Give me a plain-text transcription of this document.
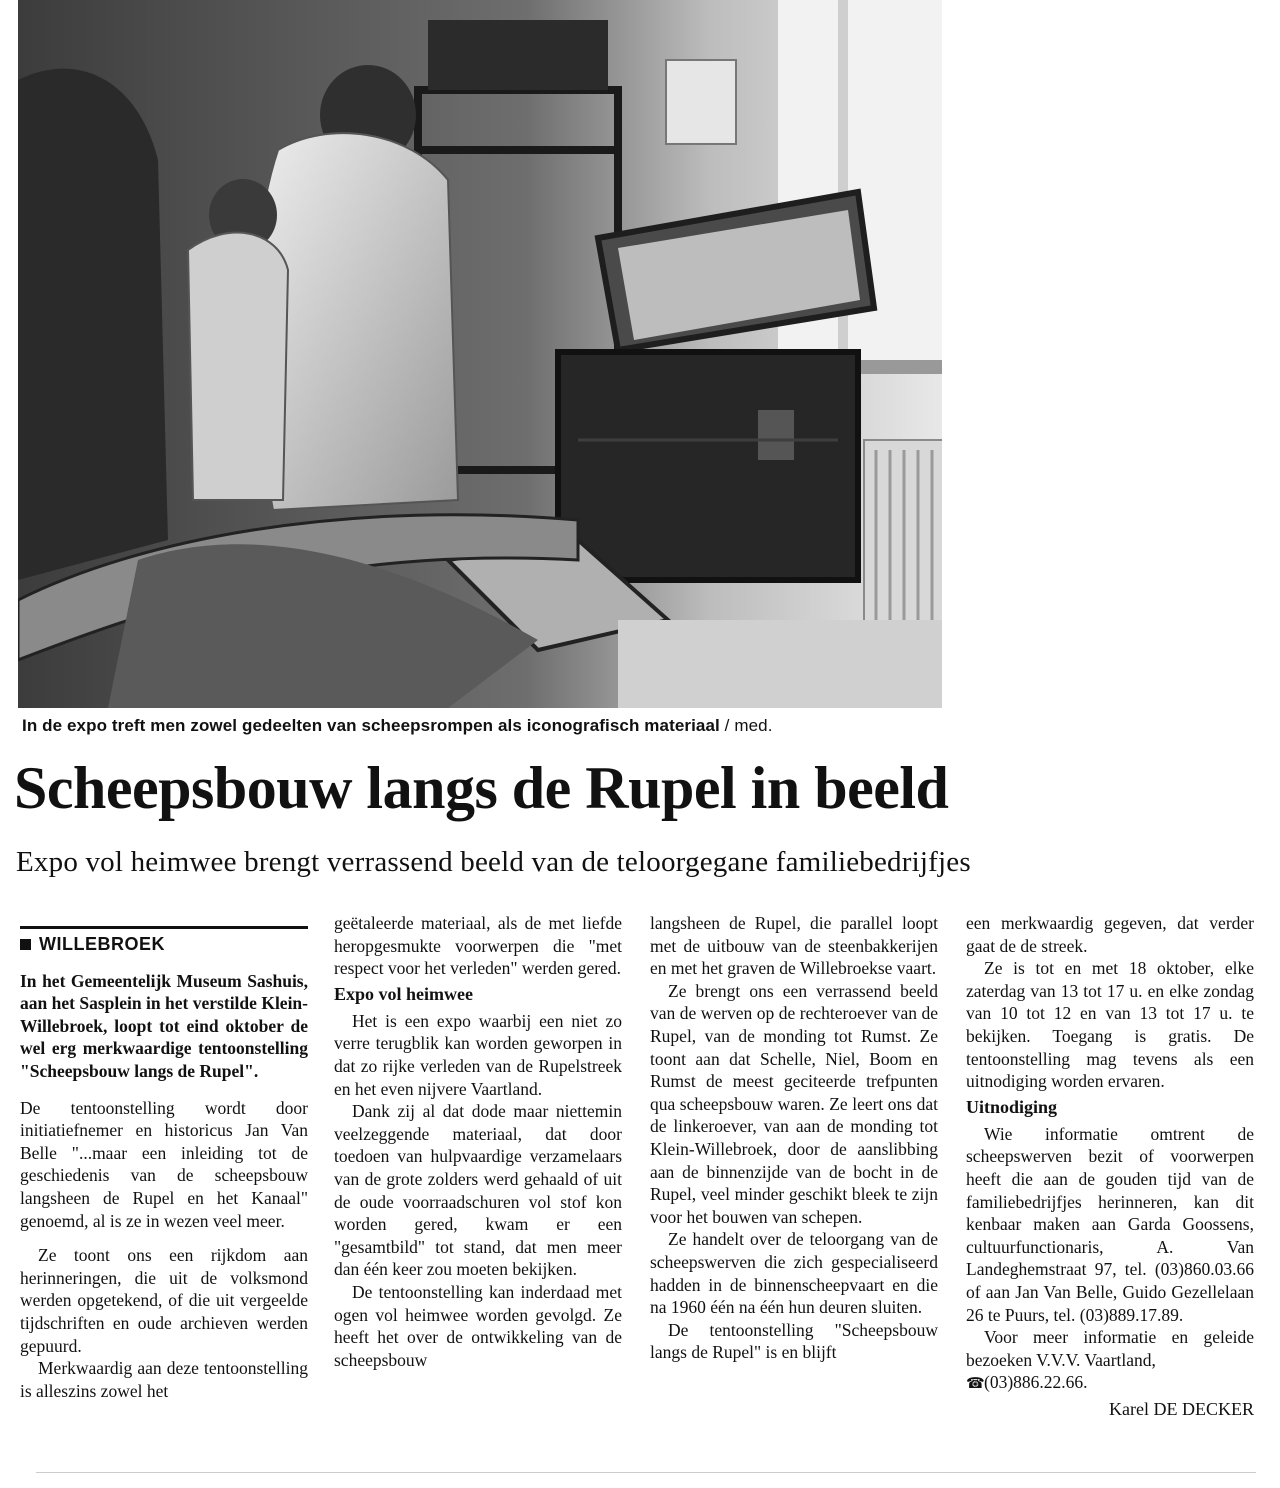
In de expo treft men zowel gedeelten van scheepsrompen als iconografisch materiaal / med.
Scheepsbouw langs de Rupel in beeld
Expo vol heimwee brengt verrassend beeld van de teloorgegane familiebedrijfjes
WILLEBROEK

In het Gemeentelijk Museum Sashuis, aan het Sasplein in het verstilde Klein-Willebroek, loopt tot eind oktober de wel erg merkwaardige tentoonstelling "Scheepsbouw langs de Rupel".

De tentoonstelling wordt door initiatiefnemer en historicus Jan Van Belle "...maar een inleiding tot de geschiedenis van de scheepsbouw langsheen de Rupel en het Kanaal" genoemd, al is ze in wezen veel meer.

Ze toont ons een rijkdom aan herinneringen, die uit de volksmond werden opgetekend, of die uit vergeelde tijdschriften en oude archieven werden gepuurd.

Merkwaardig aan deze tentoonstelling is alleszins zowel het

geëtaleerde materiaal, als de met liefde heropgesmukte voorwerpen die "met respect voor het verleden" werden gered.

Expo vol heimwee

Het is een expo waarbij een niet zo verre terugblik kan worden geworpen in dat zo rijke verleden van de Rupelstreek en het even nijvere Vaartland.

Dank zij al dat dode maar niettemin veelzeggende materiaal, dat door toedoen van hulpvaardige verzamelaars van de grote zolders werd gehaald of uit de oude voorraadschuren vol stof kon worden gered, kwam er een "gesamtbild" tot stand, dat men meer dan één keer zou moeten bekijken.

De tentoonstelling kan inderdaad met ogen vol heimwee worden gevolgd. Ze heeft het over de ontwikkeling van de scheepsbouw

langsheen de Rupel, die parallel loopt met de uitbouw van de steenbakkerijen en met het graven de Willebroekse vaart.

Ze brengt ons een verrassend beeld van de werven op de rechteroever van de Rupel, van de monding tot Rumst. Ze toont aan dat Schelle, Niel, Boom en Rumst de meest geciteerde trefpunten qua scheepsbouw waren. Ze leert ons dat de linkeroever, van aan de monding tot Klein-Willebroek, door de aanslibbing aan de binnenzijde van de bocht in de Rupel, veel minder geschikt bleek te zijn voor het bouwen van schepen.

Ze handelt over de teloorgang van de scheepswerven die zich gespecialiseerd hadden in de binnenscheepvaart en die na 1960 één na één hun deuren sluiten.

De tentoonstelling "Scheepsbouw langs de Rupel" is en blijft

een merkwaardig gegeven, dat verder gaat de de streek.

Ze is tot en met 18 oktober, elke zaterdag van 13 tot 17 u. en elke zondag van 10 tot 12 en van 13 tot 17 u. te bekijken. Toegang is gratis. De tentoonstelling mag tevens als een uitnodiging worden ervaren.

Uitnodiging

Wie informatie omtrent de scheepswerven bezit of voorwerpen heeft die aan de gouden tijd van de familiebedrijfjes herinneren, kan dit kenbaar maken aan Garda Goossens, cultuurfunctionaris, A. Van Landeghemstraat 97, tel. (03)860.03.66 of aan Jan Van Belle, Guido Gezellelaan 26 te Puurs, tel. (03)889.17.89.

Voor meer informatie en geleide bezoeken V.V.V. Vaartland,

☎(03)886.22.66.

Karel DE DECKER
